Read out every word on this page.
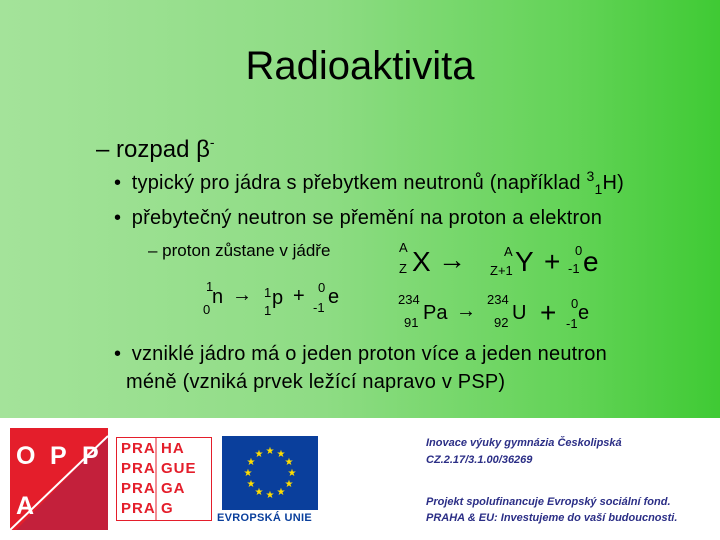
Radioaktivita
– rozpad β-
• typický pro jádra s přebytkem neutronů (například $^3_1$H)
• přebytečný neutron se přemění na proton a elektron
– proton zůstane v jádře
1
0
n → 1
1
p + 0
-1 e
A
Z X →	A
Z+1 Y + 0
-1 e
234
91 Pa →
234
92 U + 0
-1 e
• vzniklé jádro má o jeden proton více a jeden neutron
méně (vzniká prvek ležící napravo v PSP)
O P P
A
PRA HA
PRA GUE
PRA GA
PRA G
★ ★
★
★
★
★
★
★
★
★
★
★
EVROPSKÁ UNIE
Inovace výuky gymnázia Českolipská
CZ.2.17/3.1.00/36269
Projekt spolufinancuje Evropský sociální fond.
PRAHA & EU: Investujeme do vaší budoucnosti.
